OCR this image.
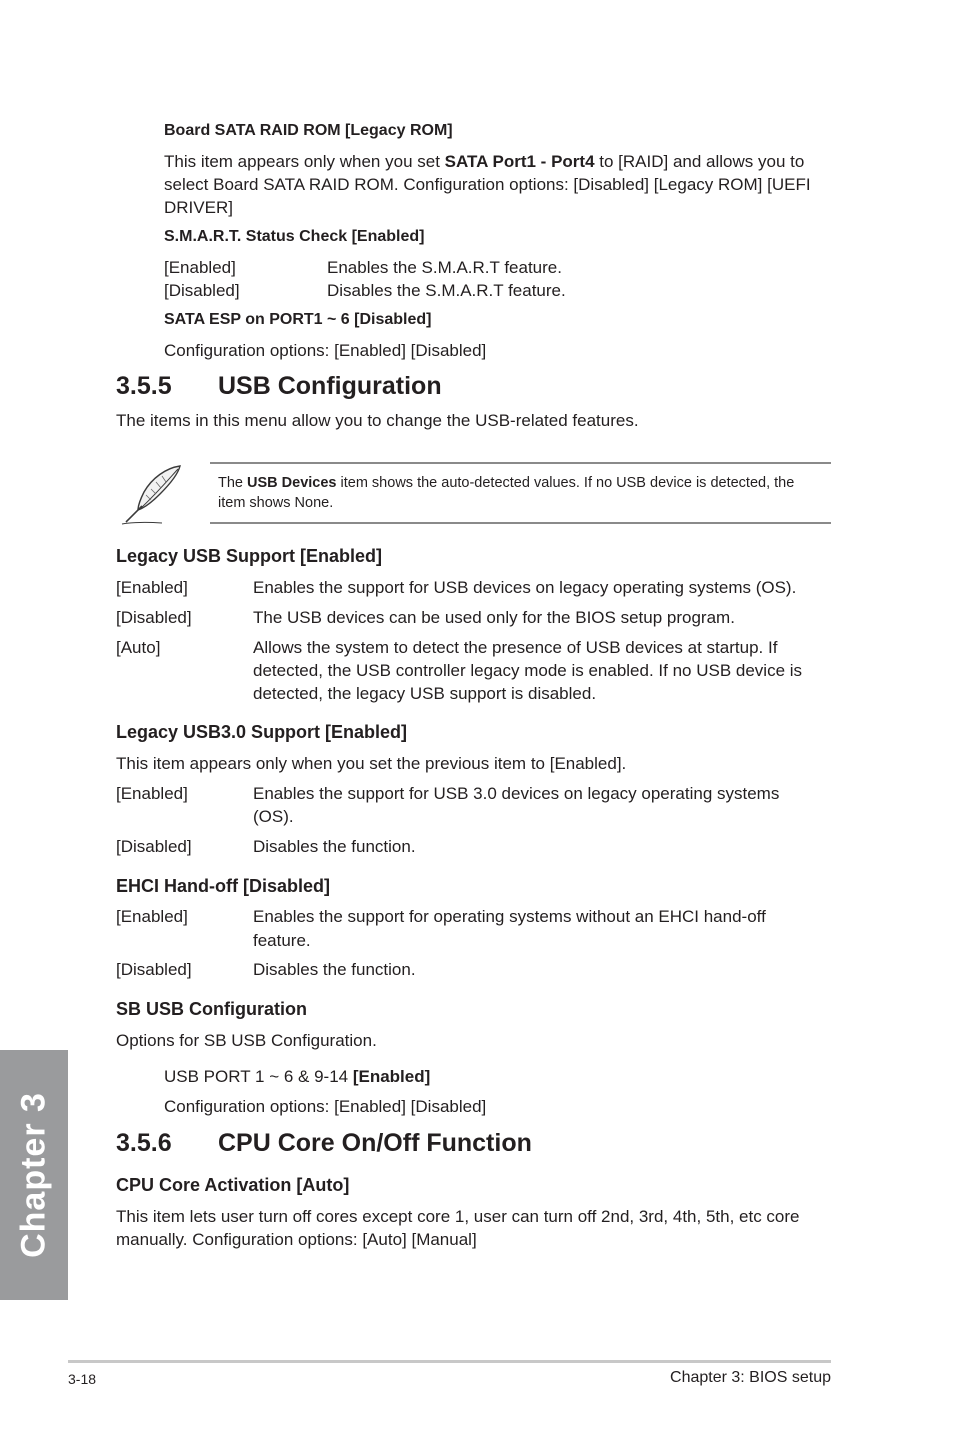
Board SATA RAID ROM [Legacy ROM]
This item appears only when you set SATA Port1 - Port4 to [RAID] and allows you to
select Board SATA RAID ROM. Configuration options: [Disabled] [Legacy ROM] [UEFI
DRIVER]
S.M.A.R.T. Status Check [Enabled]
[Enabled]	Enables the S.M.A.R.T feature.
[Disabled]	Disables the S.M.A.R.T feature.
SATA ESP on PORT1 ~ 6 [Disabled]
Configuration options: [Enabled] [Disabled]
3.5.5 USB Configuration
The items in this menu allow you to change the USB-related features.
The USB Devices item shows the auto-detected values. If no USB device is detected, the
item shows None.
Legacy USB Support [Enabled]
[Enabled]	Enables the support for USB devices on legacy operating systems (OS).
[Disabled]	The USB devices can be used only for the BIOS setup program.
[Auto]	Allows the system to detect the presence of USB devices at startup. If
detected, the USB controller legacy mode is enabled. If no USB device is
detected, the legacy USB support is disabled.
Legacy USB3.0 Support [Enabled]
This item appears only when you set the previous item to [Enabled].
[Enabled]	Enables the support for USB 3.0 devices on legacy operating systems
(OS).
[Disabled]	Disables the function.
EHCI Hand-off [Disabled]
[Enabled]	Enables the support for operating systems without an EHCI hand-off
feature.
[Disabled]	Disables the function.
SB USB Configuration
Options for SB USB Configuration.
USB PORT 1 ~ 6 & 9-14 [Enabled]
Configuration options: [Enabled] [Disabled]
3.5.6 CPU Core On/Off Function
CPU Core Activation [Auto]
This item lets user turn off cores except core 1, user can turn off 2nd, 3rd, 4th, 5th, etc core
manually. Configuration options: [Auto] [Manual]
Chapter 3
3-18	Chapter 3: BIOS setup
